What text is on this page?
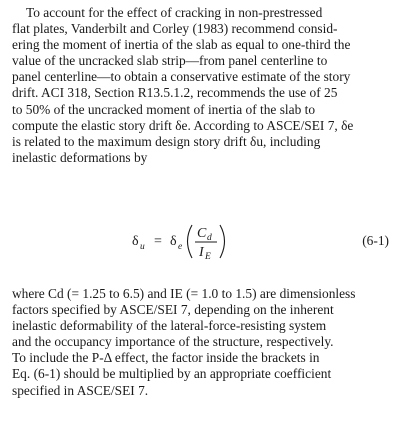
To account for the effect of cracking in non-prestressed
flat plates, Vanderbilt and Corley (1983) recommend consid-
ering the moment of inertia of the slab as equal to one-third the
value of the uncracked slab strip—from panel centerline to
panel centerline—to obtain a conservative estimate of the story
drift. ACI 318, Section R13.5.1.2, recommends the use of 25
to 50% of the uncracked moment of inertia of the slab to
compute the elastic story drift δe. According to ASCE/SEI 7, δe
is related to the maximum design story drift δu, including
inelastic deformations by

δ u = δ e
C d
I E
(6-1)

where Cd (= 1.25 to 6.5) and IE (= 1.0 to 1.5) are dimensionless
factors specified by ASCE/SEI 7, depending on the inherent
inelastic deformability of the lateral-force-resisting system
and the occupancy importance of the structure, respectively.
To include the P-Δ effect, the factor inside the brackets in
Eq. (6-1) should be multiplied by an appropriate coefficient
specified in ASCE/SEI 7.
